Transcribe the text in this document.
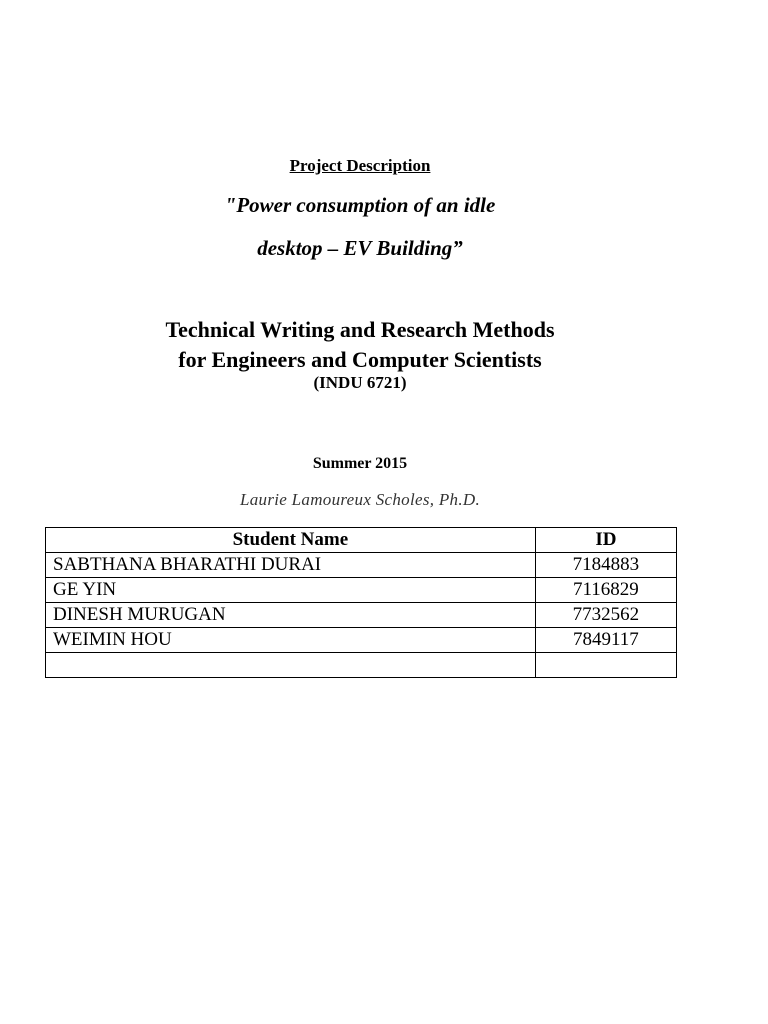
Project Description
"Power consumption of an idle
desktop – EV Building”
Technical Writing and Research Methods
for Engineers and Computer Scientists
(INDU 6721)
Summer 2015
Laurie Lamoureux Scholes, Ph.D.
Student Name	ID
SABTHANA BHARATHI DURAI	7184883
GE YIN	7116829
DINESH MURUGAN	7732562
WEIMIN HOU	7849117
